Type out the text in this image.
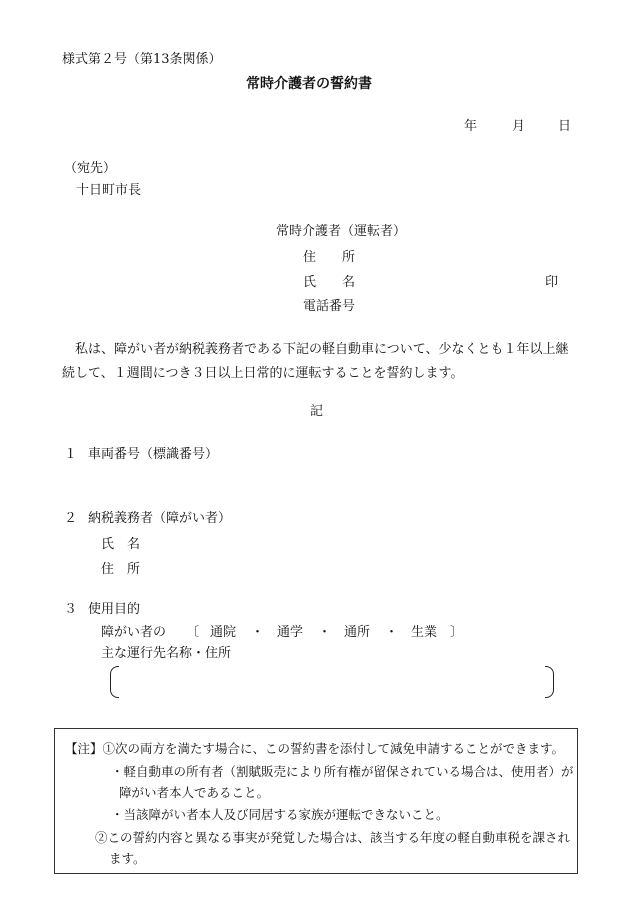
様式第２号（第13条関係）
常時介護者の誓約書
年	月	日
（宛先）
十日町市長
常時介護者（運転者）
住　　所
氏　　名	印
電話番号
　私は、障がい者が納税義務者である下記の軽自動車について、少なくとも１年以上継続して、１週間につき３日以上日常的に運転することを誓約します。
記
１ 車両番号（標識番号）
２ 納税義務者（障がい者）
氏　名
住　所
３ 使用目的
障がい者の 〔 通院 ・ 通学 ・ 通所 ・ 生業 〕
主な運行先名称・住所
【注】①次の両方を満たす場合に、この誓約書を添付して減免申請することができます。
・軽自動車の所有者（割賦販売により所有権が留保されている場合は、使用者）が
障がい者本人であること。
・当該障がい者本人及び同居する家族が運転できないこと。
②この誓約内容と異なる事実が発覚した場合は、該当する年度の軽自動車税を課され
ます。
